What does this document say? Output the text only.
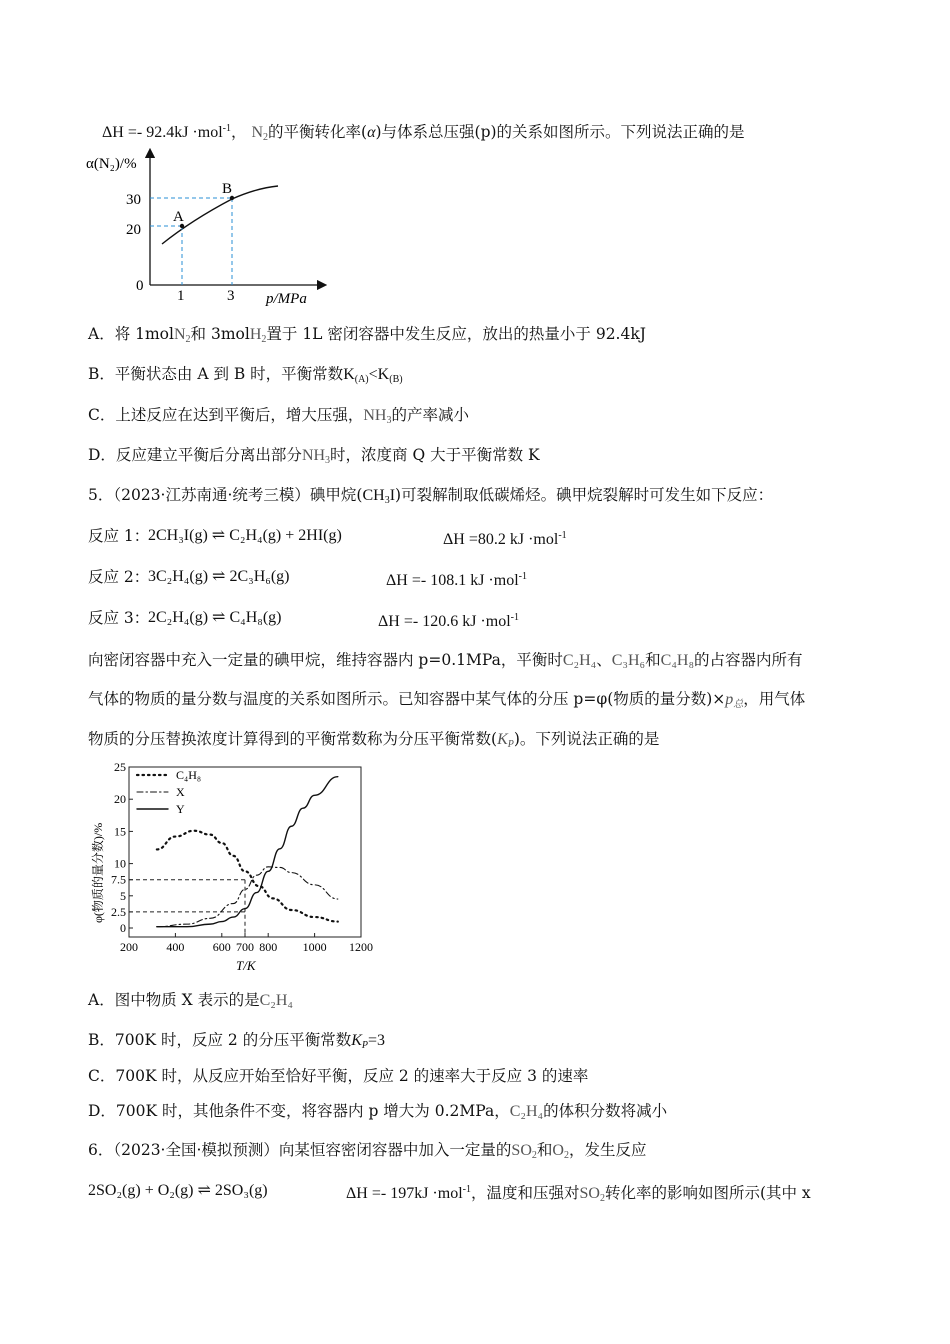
ΔH =- 92.4kJ ·mol$^{-1}$， $N_2$的平衡转化率(α)与体系总压强(p)的关系如图所示。下列说法正确的是
α(N₂)/%
p/MPa
0
20
30
1	3
A
B
A．将 1molN$_2$和 3molH$_2$置于 1L 密闭容器中发生反应，放出的热量小于 92.4kJ
B．平衡状态由 A 到 B 时，平衡常数$K_{(A)}<K_{(B)}$
C．上述反应在达到平衡后，增大压强，$NH_3$的产率减小
D．反应建立平衡后分离出部分$NH_3$时，浓度商 Q 大于平衡常数 K
5．（2023·江苏南通·统考三模）碘甲烷$(CH_3I)$可裂解制取低碳烯烃。碘甲烷裂解时可发生如下反应：
反应 1：
2CH₃I(g) ⇌ C₂H₄(g) + 2HI(g)	ΔH =80.2 kJ ·mol$^{-1}$
反应 2：
3C₂H₄(g) ⇌ 2C₃H₆(g)	ΔH =- 108.1 kJ ·mol$^{-1}$
反应 3：
2C₂H₄(g) ⇌ C₄H₈(g)	ΔH =- 120.6 kJ ·mol$^{-1}$
向密闭容器中充入一定量的碘甲烷，维持容器内 p=0.1MPa，平衡时C₂H₄、C₃H₆和C₄H₈的占容器内所有
气体的物质的量分数与温度的关系如图所示。已知容器中某气体的分压 p=φ(物质的量分数)$\times p_总$，用气体
物质的分压替换浓度计算得到的平衡常数称为分压平衡常数$(K_P)$。下列说法正确的是
φ(物质的量分数)/%
T/K
200 400 600 700 800 1000 1200
0
2.5
5
7.5
10
15
20
25
C₄H₈
X
Y
A．图中物质 X 表示的是C₂H₄
B．700K 时，反应 2 的分压平衡常数$K_P=3$
C．700K 时，从反应开始至恰好平衡，反应 2 的速率大于反应 3 的速率
D．700K 时，其他条件不变，将容器内 p 增大为 0.2MPa，C₂H₄的体积分数将减小
6．（2023·全国·模拟预测）向某恒容密闭容器中加入一定量的$SO_2$和$O_2$，发生反应
2SO₂(g) + O₂(g) ⇌ 2SO₃(g)	ΔH =- 197kJ ·mol$^{-1}$，温度和压强对$SO_2$转化率的影响如图所示(其中 x
